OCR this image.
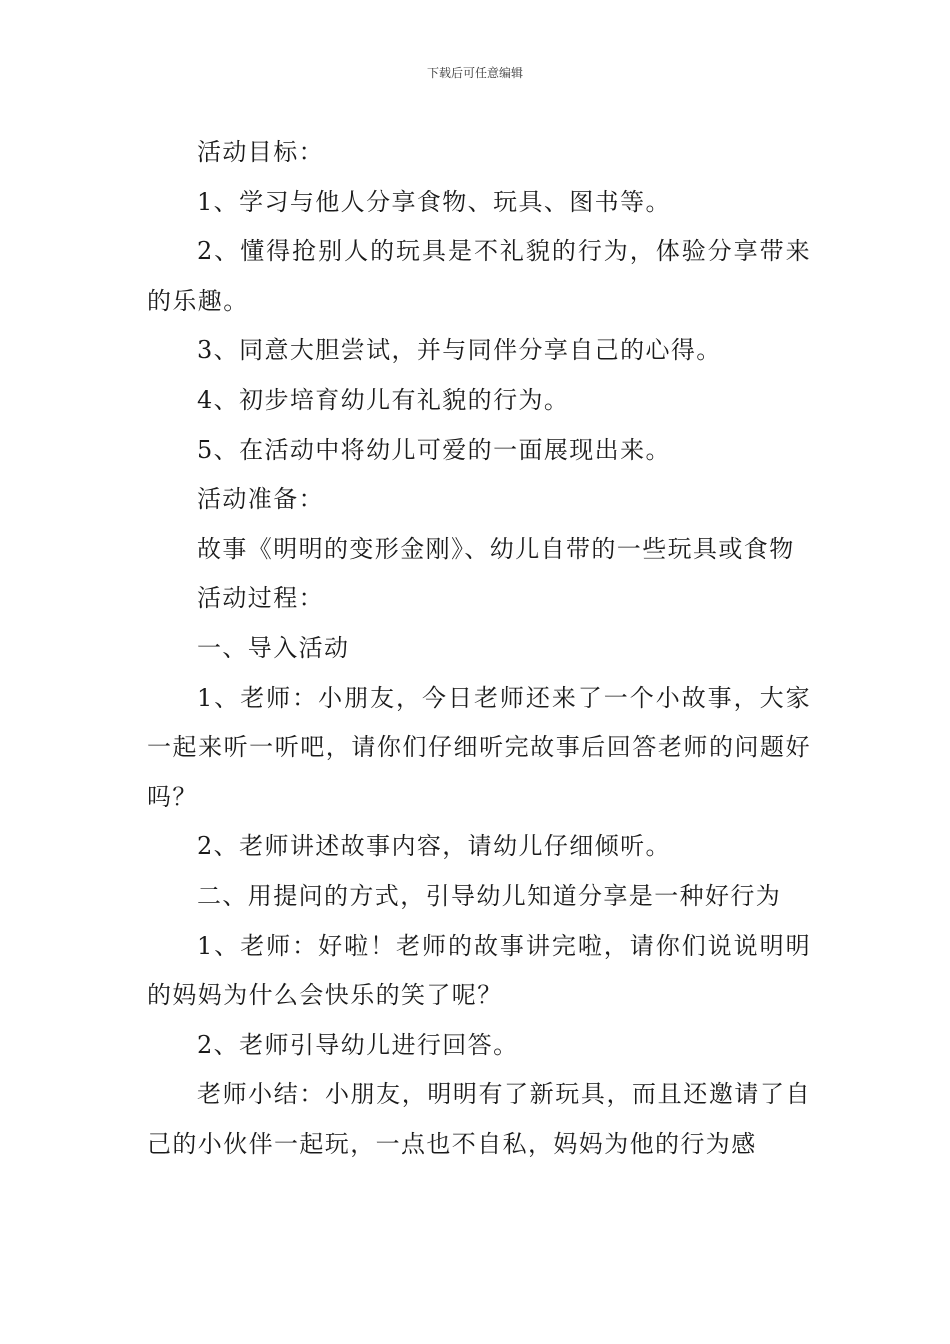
下载后可任意编辑

活动目标：

1、学习与他人分享食物、玩具、图书等。

2、懂得抢别人的玩具是不礼貌的行为，体验分享带来的乐趣。

3、同意大胆尝试，并与同伴分享自己的心得。

4、初步培育幼儿有礼貌的行为。

5、在活动中将幼儿可爱的一面展现出来。

活动准备：

故事《明明的变形金刚》、幼儿自带的一些玩具或食物

活动过程：

一、导入活动

1、老师：小朋友，今日老师还来了一个小故事，大家一起来听一听吧，请你们仔细听完故事后回答老师的问题好吗？

2、老师讲述故事内容，请幼儿仔细倾听。

二、用提问的方式，引导幼儿知道分享是一种好行为

1、老师：好啦！老师的故事讲完啦，请你们说说明明的妈妈为什么会快乐的笑了呢？

2、老师引导幼儿进行回答。

老师小结：小朋友，明明有了新玩具，而且还邀请了自己的小伙伴一起玩，一点也不自私，妈妈为他的行为感
